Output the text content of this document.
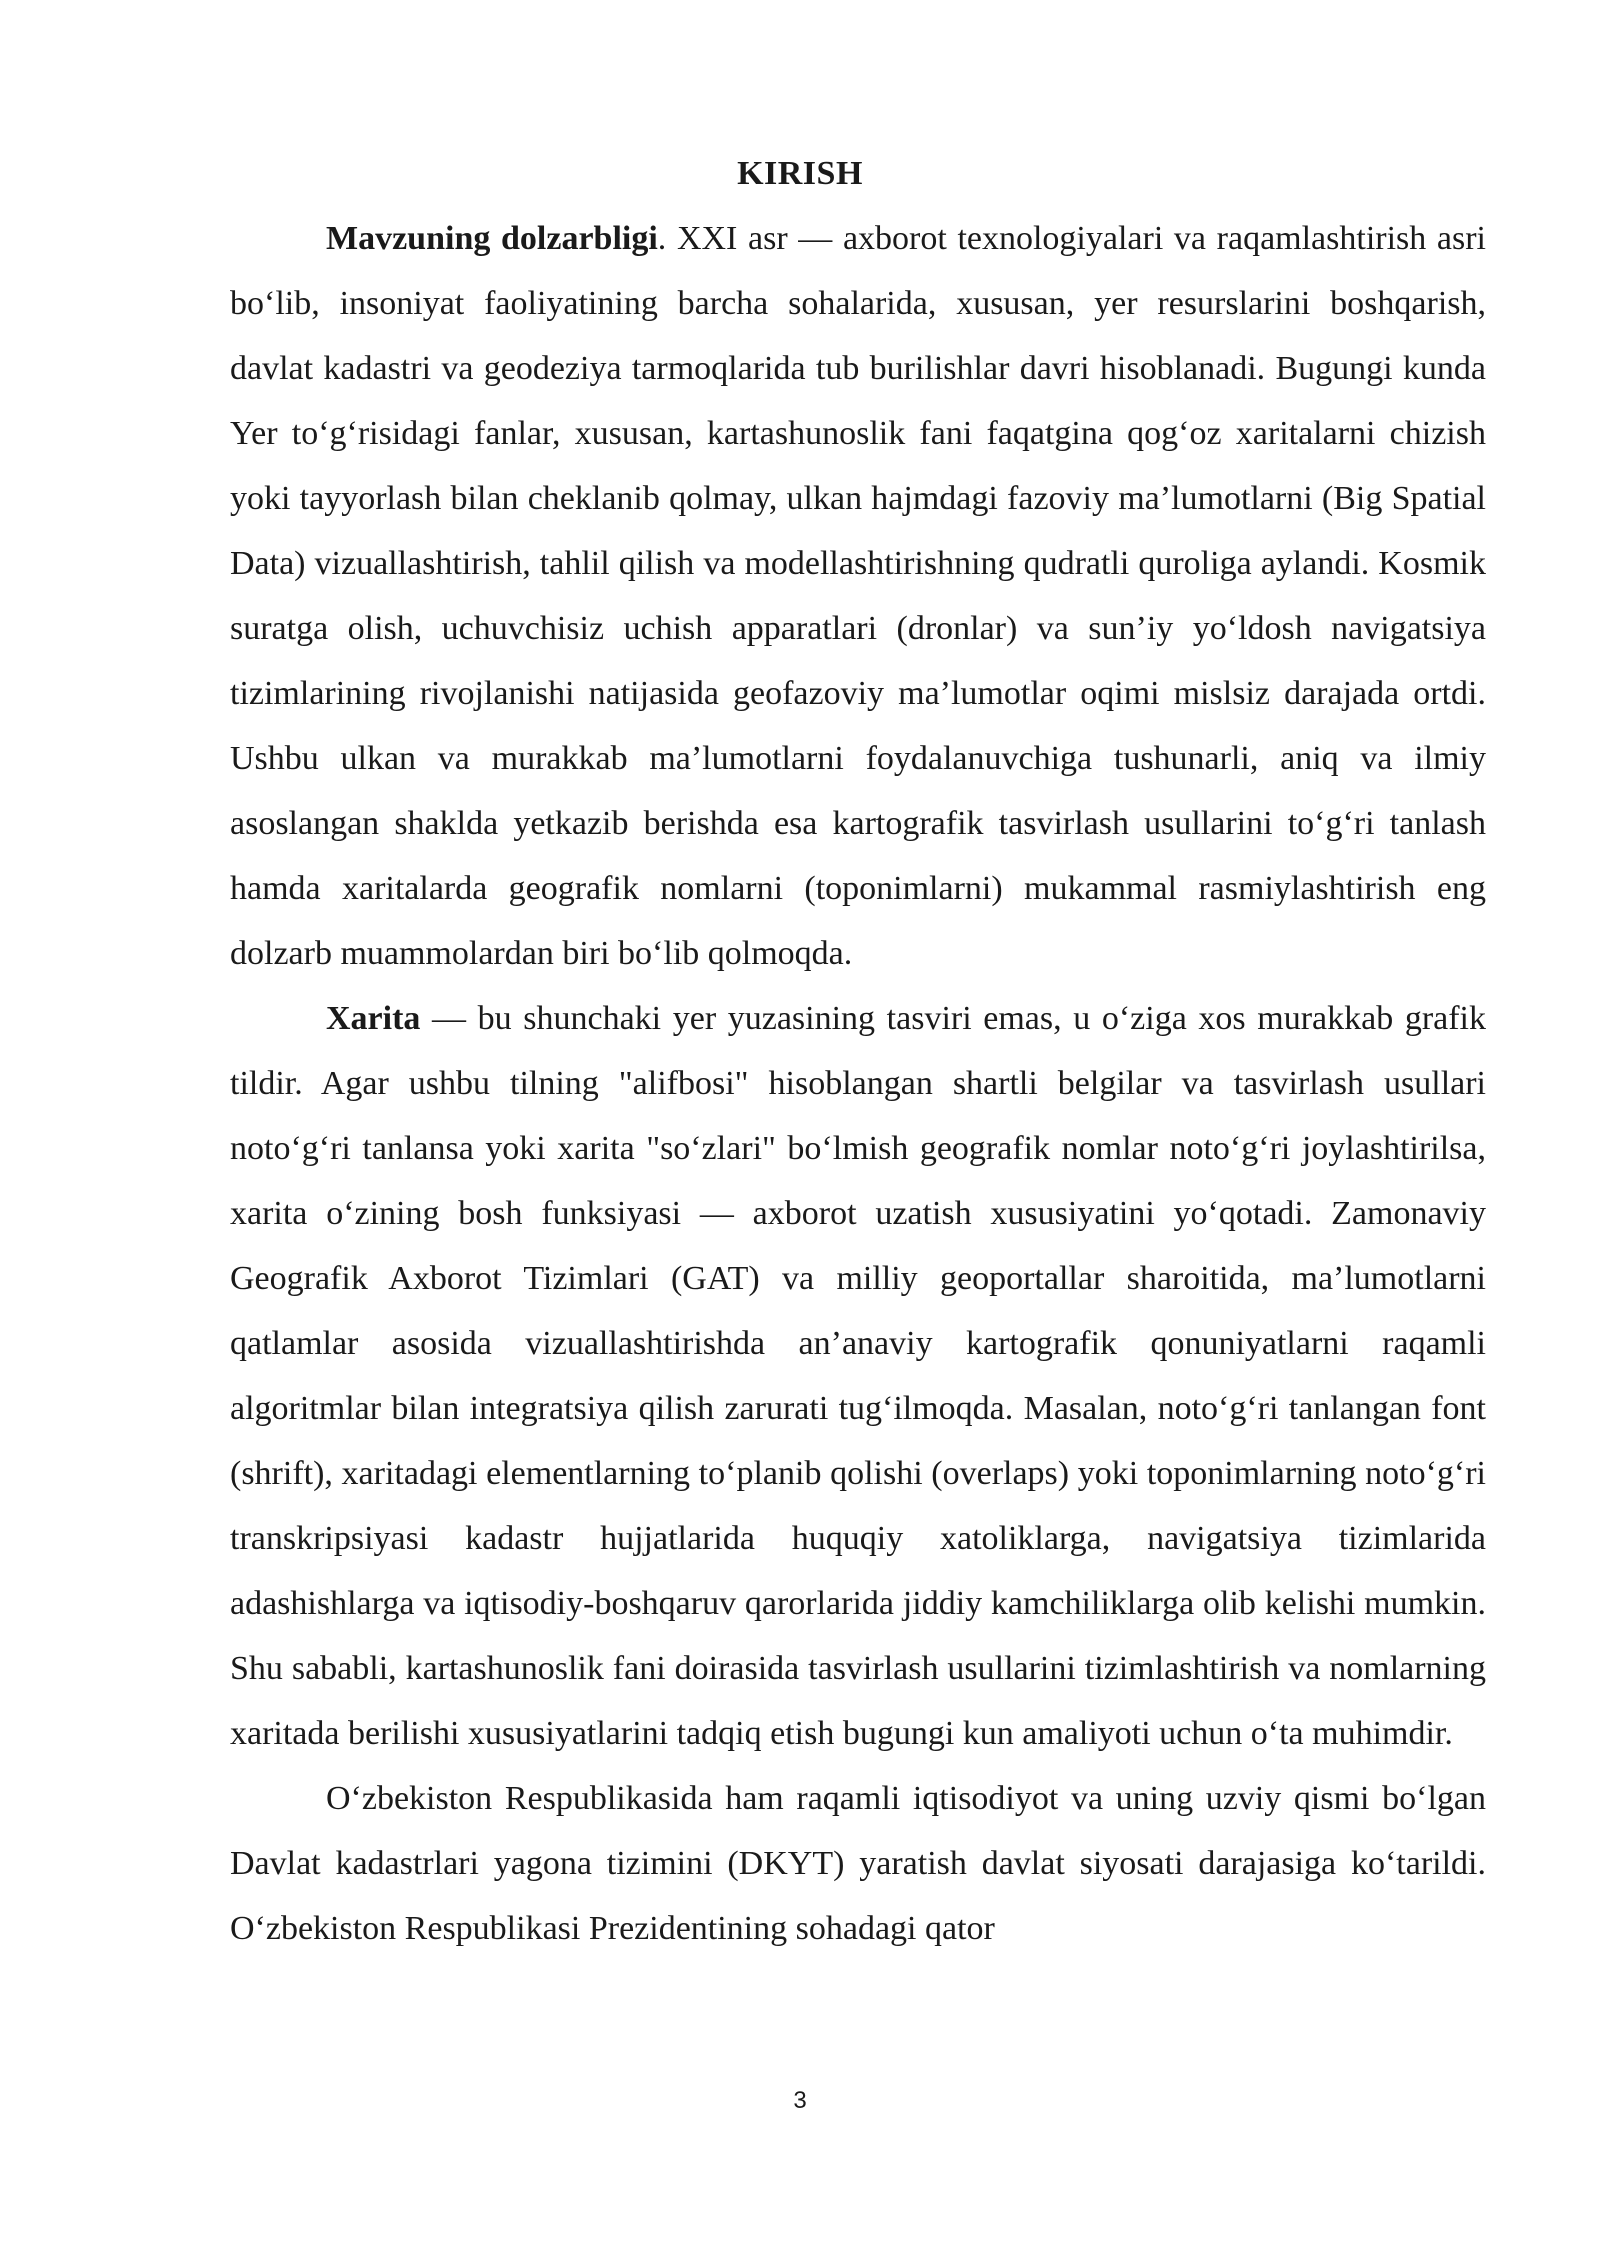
KIRISH

Mavzuning dolzarbligi. XXI asr — axborot texnologiyalari va raqamlashtirish asri bo‘lib, insoniyat faoliyatining barcha sohalarida, xususan, yer resurslarini boshqarish, davlat kadastri va geodeziya tarmoqlarida tub burilishlar davri hisoblanadi. Bugungi kunda Yer to‘g‘risidagi fanlar, xususan, kartashunoslik fani faqatgina qog‘oz xaritalarni chizish yoki tayyorlash bilan cheklanib qolmay, ulkan hajmdagi fazoviy ma’lumotlarni (Big Spatial Data) vizuallashtirish, tahlil qilish va modellashtirishning qudratli quroliga aylandi. Kosmik suratga olish, uchuvchisiz uchish apparatlari (dronlar) va sun’iy yo‘ldosh navigatsiya tizimlarining rivojlanishi natijasida geofazoviy ma’lumotlar oqimi mislsiz darajada ortdi. Ushbu ulkan va murakkab ma’lumotlarni foydalanuvchiga tushunarli, aniq va ilmiy asoslangan shaklda yetkazib berishda esa kartografik tasvirlash usullarini to‘g‘ri tanlash hamda xaritalarda geografik nomlarni (toponimlarni) mukammal rasmiylashtirish eng dolzarb muammolardan biri bo‘lib qolmoqda.

Xarita — bu shunchaki yer yuzasining tasviri emas, u o‘ziga xos murakkab grafik tildir. Agar ushbu tilning "alifbosi" hisoblangan shartli belgilar va tasvirlash usullari noto‘g‘ri tanlansa yoki xarita "so‘zlari" bo‘lmish geografik nomlar noto‘g‘ri joylashtirilsa, xarita o‘zining bosh funksiyasi — axborot uzatish xususiyatini yo‘qotadi. Zamonaviy Geografik Axborot Tizimlari (GAT) va milliy geoportallar sharoitida, ma’lumotlarni qatlamlar asosida vizuallashtirishda an’anaviy kartografik qonuniyatlarni raqamli algoritmlar bilan integratsiya qilish zarurati tug‘ilmoqda. Masalan, noto‘g‘ri tanlangan font (shrift), xaritadagi elementlarning to‘planib qolishi (overlaps) yoki toponimlarning noto‘g‘ri transkripsiyasi kadastr hujjatlarida huquqiy xatoliklarga, navigatsiya tizimlarida adashishlarga va iqtisodiy-boshqaruv qarorlarida jiddiy kamchiliklarga olib kelishi mumkin. Shu sababli, kartashunoslik fani doirasida tasvirlash usullarini tizimlashtirish va nomlarning xaritada berilishi xususiyatlarini tadqiq etish bugungi kun amaliyoti uchun o‘ta muhimdir.

O‘zbekiston Respublikasida ham raqamli iqtisodiyot va uning uzviy qismi bo‘lgan Davlat kadastrlari yagona tizimini (DKYT) yaratish davlat siyosati darajasiga ko‘tarildi. O‘zbekiston Respublikasi Prezidentining sohadagi qator

3
